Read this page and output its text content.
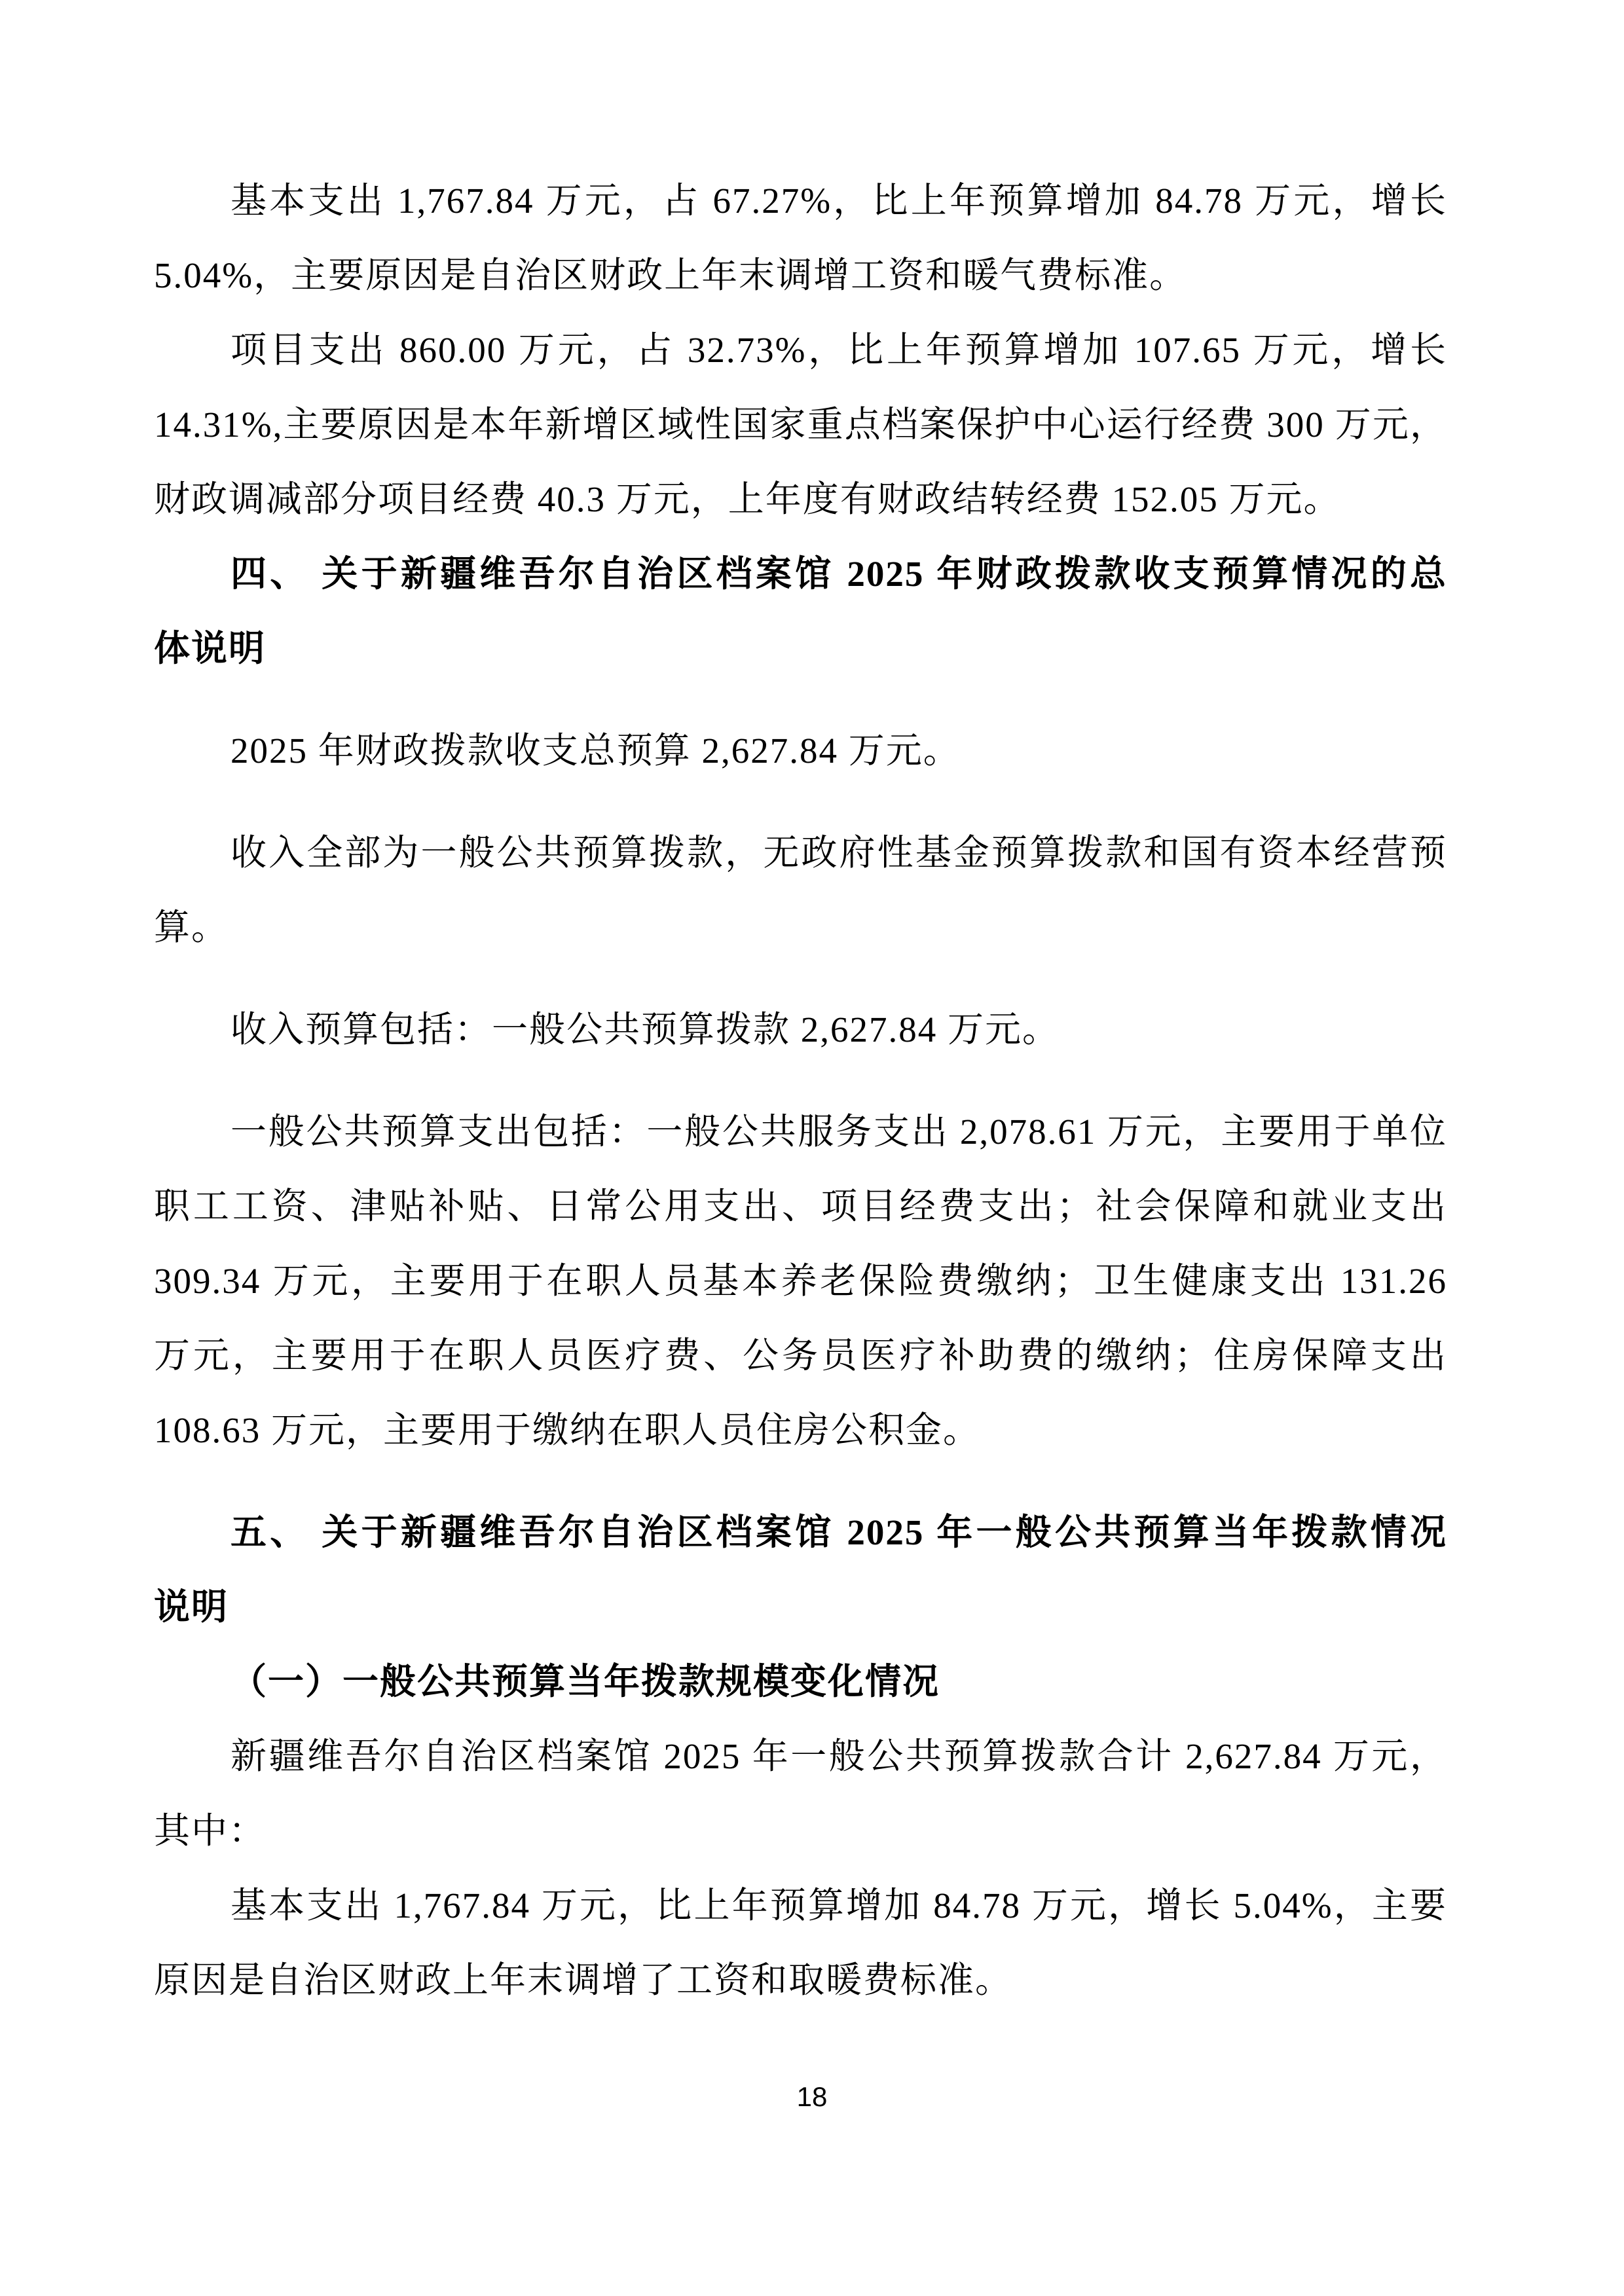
基本支出 1,767.84 万元，占 67.27%，比上年预算增加 84.78 万元，增长
5.04%，主要原因是自治区财政上年末调增工资和暖气费标准。
项目支出 860.00 万元，占 32.73%，比上年预算增加 107.65 万元，增长
14.31%,主要原因是本年新增区域性国家重点档案保护中心运行经费 300 万元，
财政调减部分项目经费 40.3 万元，上年度有财政结转经费 152.05 万元。
四、 关于新疆维吾尔自治区档案馆 2025 年财政拨款收支预算情况的总
体说明
2025 年财政拨款收支总预算 2,627.84 万元。
收入全部为一般公共预算拨款，无政府性基金预算拨款和国有资本经营预
算。
收入预算包括：一般公共预算拨款 2,627.84 万元。
一般公共预算支出包括：一般公共服务支出 2,078.61 万元，主要用于单位
职工工资、津贴补贴、日常公用支出、项目经费支出；社会保障和就业支出
309.34 万元，主要用于在职人员基本养老保险费缴纳；卫生健康支出 131.26
万元，主要用于在职人员医疗费、公务员医疗补助费的缴纳；住房保障支出
108.63 万元，主要用于缴纳在职人员住房公积金。
五、 关于新疆维吾尔自治区档案馆 2025 年一般公共预算当年拨款情况
说明
（一）一般公共预算当年拨款规模变化情况
新疆维吾尔自治区档案馆 2025 年一般公共预算拨款合计 2,627.84 万元，
其中：
基本支出 1,767.84 万元，比上年预算增加 84.78 万元，增长 5.04%，主要
原因是自治区财政上年末调增了工资和取暖费标准。
18
